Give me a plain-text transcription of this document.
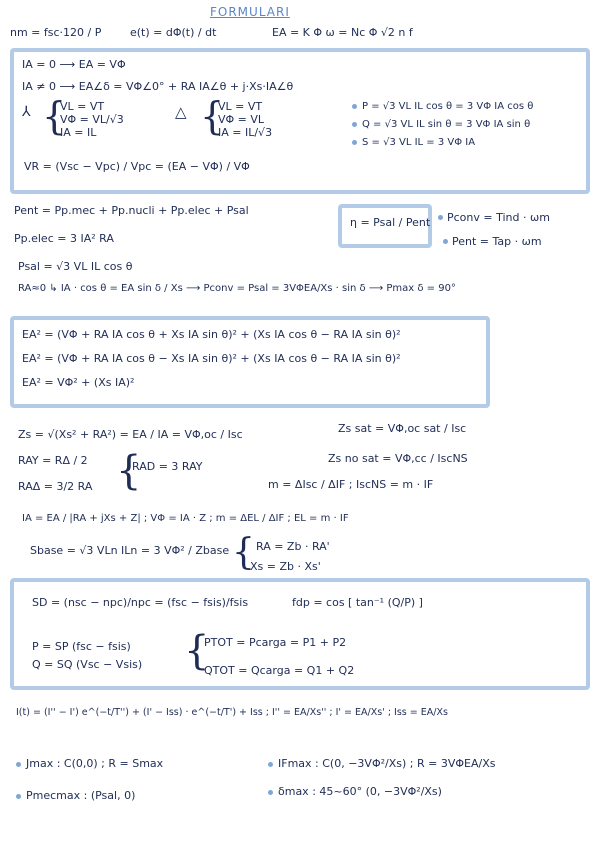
FORMULARI
nm = fsc·120 / P	e(t) = dΦ(t) / dt	EA = K Φ ω = Nc Φ √2 n f
IA = 0 ⟶ EA = VΦ
IA ≠ 0 ⟶ EA∠δ = VΦ∠0° + RA IA∠θ + j·Xs·IA∠θ
⅄ {
VL = VT
VΦ = VL/√3
IA = IL
△ {
VL = VT
VΦ = VL
IA = IL/√3
P = √3 VL IL cos θ = 3 VΦ IA cos θ
Q = √3 VL IL sin θ = 3 VΦ IA sin θ
S = √3 VL IL = 3 VΦ IA
VR = (Vsc − Vpc) / Vpc = (EA − VΦ) / VΦ
Pent = Pp.mec + Pp.nucli + Pp.elec + Psal
Pp.elec = 3 IA² RA
η = Psal / Pent Pconv = Tind · ωm
Pent = Tap · ωm
Psal = √3 VL IL cos θ
RA≈0 ↳ IA · cos θ = EA sin δ / Xs ⟶ Pconv = Psal = 3VΦEA/Xs · sin δ ⟶ Pmax δ = 90°
EA² = (VΦ + RA IA cos θ + Xs IA sin θ)² + (Xs IA cos θ − RA IA sin θ)²
EA² = (VΦ + RA IA cos θ − Xs IA sin θ)² + (Xs IA cos θ − RA IA sin θ)²
EA² = VΦ² + (Xs IA)²
Zs = √(Xs² + RA²) = EA / IA = VΦ,oc / Isc	Zs sat = VΦ,oc sat / Isc
Zs no sat = VΦ,cc / IscNS
RAY = RΔ / 2
RAΔ = 3/2 RA {
RAD = 3 RAY
m = ΔIsc / ΔIF ; IscNS = m · IF
IA = EA / |RA + jXs + Z| ; VΦ = IA · Z ; m = ΔEL / ΔIF ; EL = m · IF
Sbase = √3 VLn ILn = 3 VΦ² / Zbase { RA = Zb · RA'
Xs = Zb · Xs'
SD = (nsc − npc)/npc = (fsc − fsis)/fsis	fdp = cos [ tan⁻¹ (Q/P) ]
P = SP (fsc − fsis)
Q = SQ (Vsc − Vsis) {
PTOT = Pcarga = P1 + P2
QTOT = Qcarga = Q1 + Q2
I(t) = (I'' − I') e^(−t/T'') + (I' − Iss) · e^(−t/T') + Iss ; I'' = EA/Xs'' ; I' = EA/Xs' ; Iss = EA/Xs
Jmax : C(0,0) ; R = Smax	IFmax : C(0, −3VΦ²/Xs) ; R = 3VΦEA/Xs
Pmecmax : (Psal, 0)	δmax : 45~60° (0, −3VΦ²/Xs)
